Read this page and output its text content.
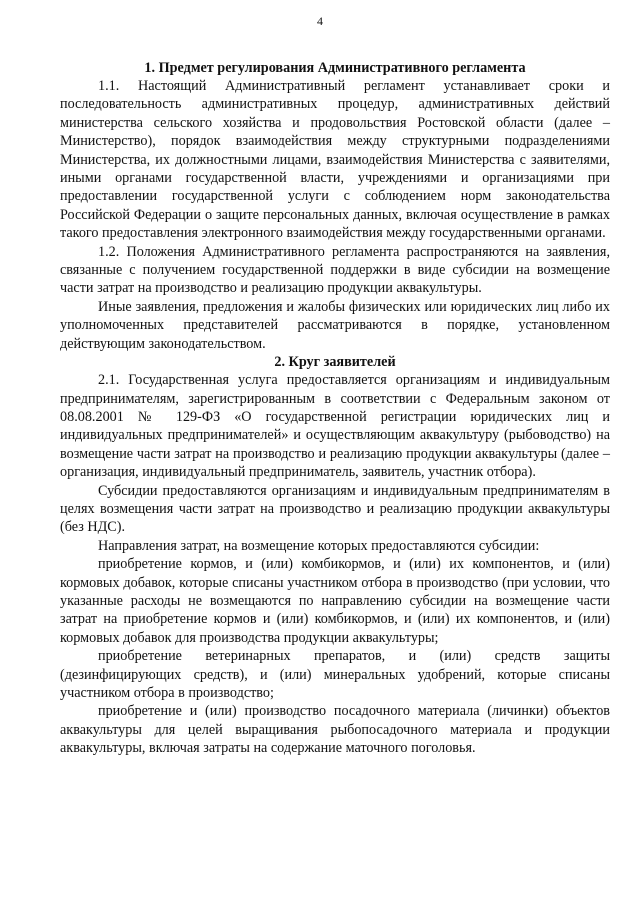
4
1. Предмет регулирования Административного регламента

1.1. Настоящий Административный регламент устанавливает сроки и последовательность административных процедур, административных действий министерства сельского хозяйства и продовольствия Ростовской области (далее – Министерство), порядок взаимодействия между структурными подразделениями Министерства, их должностными лицами, взаимодействия Министерства с заявителями, иными органами государственной власти, учреждениями и организациями при предоставлении государственной услуги с соблюдением норм законодательства Российской Федерации о защите персональных данных, включая осуществление в рамках такого предоставления электронного взаимодействия между государственными органами.

1.2. Положения Административного регламента распространяются на заявления, связанные с получением государственной поддержки в виде субсидии на возмещение части затрат на производство и реализацию продукции аквакультуры.

Иные заявления, предложения и жалобы физических или юридических лиц либо их уполномоченных представителей рассматриваются в порядке, установленном действующим законодательством.

2. Круг заявителей

2.1. Государственная услуга предоставляется организациям и индивидуальным предпринимателям, зарегистрированным в соответствии с Федеральным законом от 08.08.2001 № 129-ФЗ «О государственной регистрации юридических лиц и индивидуальных предпринимателей» и осуществляющим аквакультуру (рыбоводство) на возмещение части затрат на производство и реализацию продукции аквакультуры (далее – организация, индивидуальный предприниматель, заявитель, участник отбора).

Субсидии предоставляются организациям и индивидуальным предпринимателям в целях возмещения части затрат на производство и реализацию продукции аквакультуры (без НДС).

Направления затрат, на возмещение которых предоставляются субсидии:

приобретение кормов, и (или) комбикормов, и (или) их компонентов, и (или) кормовых добавок, которые списаны участником отбора в производство (при условии, что указанные расходы не возмещаются по направлению субсидии на возмещение части затрат на приобретение кормов и (или) комбикормов, и (или) их компонентов, и (или) кормовых добавок для производства продукции аквакультуры;

приобретение ветеринарных препаратов, и (или) средств защиты (дезинфицирующих средств), и (или) минеральных удобрений, которые списаны участником отбора в производство;

приобретение и (или) производство посадочного материала (личинки) объектов аквакультуры для целей выращивания рыбопосадочного материала и продукции аквакультуры, включая затраты на содержание маточного поголовья.
